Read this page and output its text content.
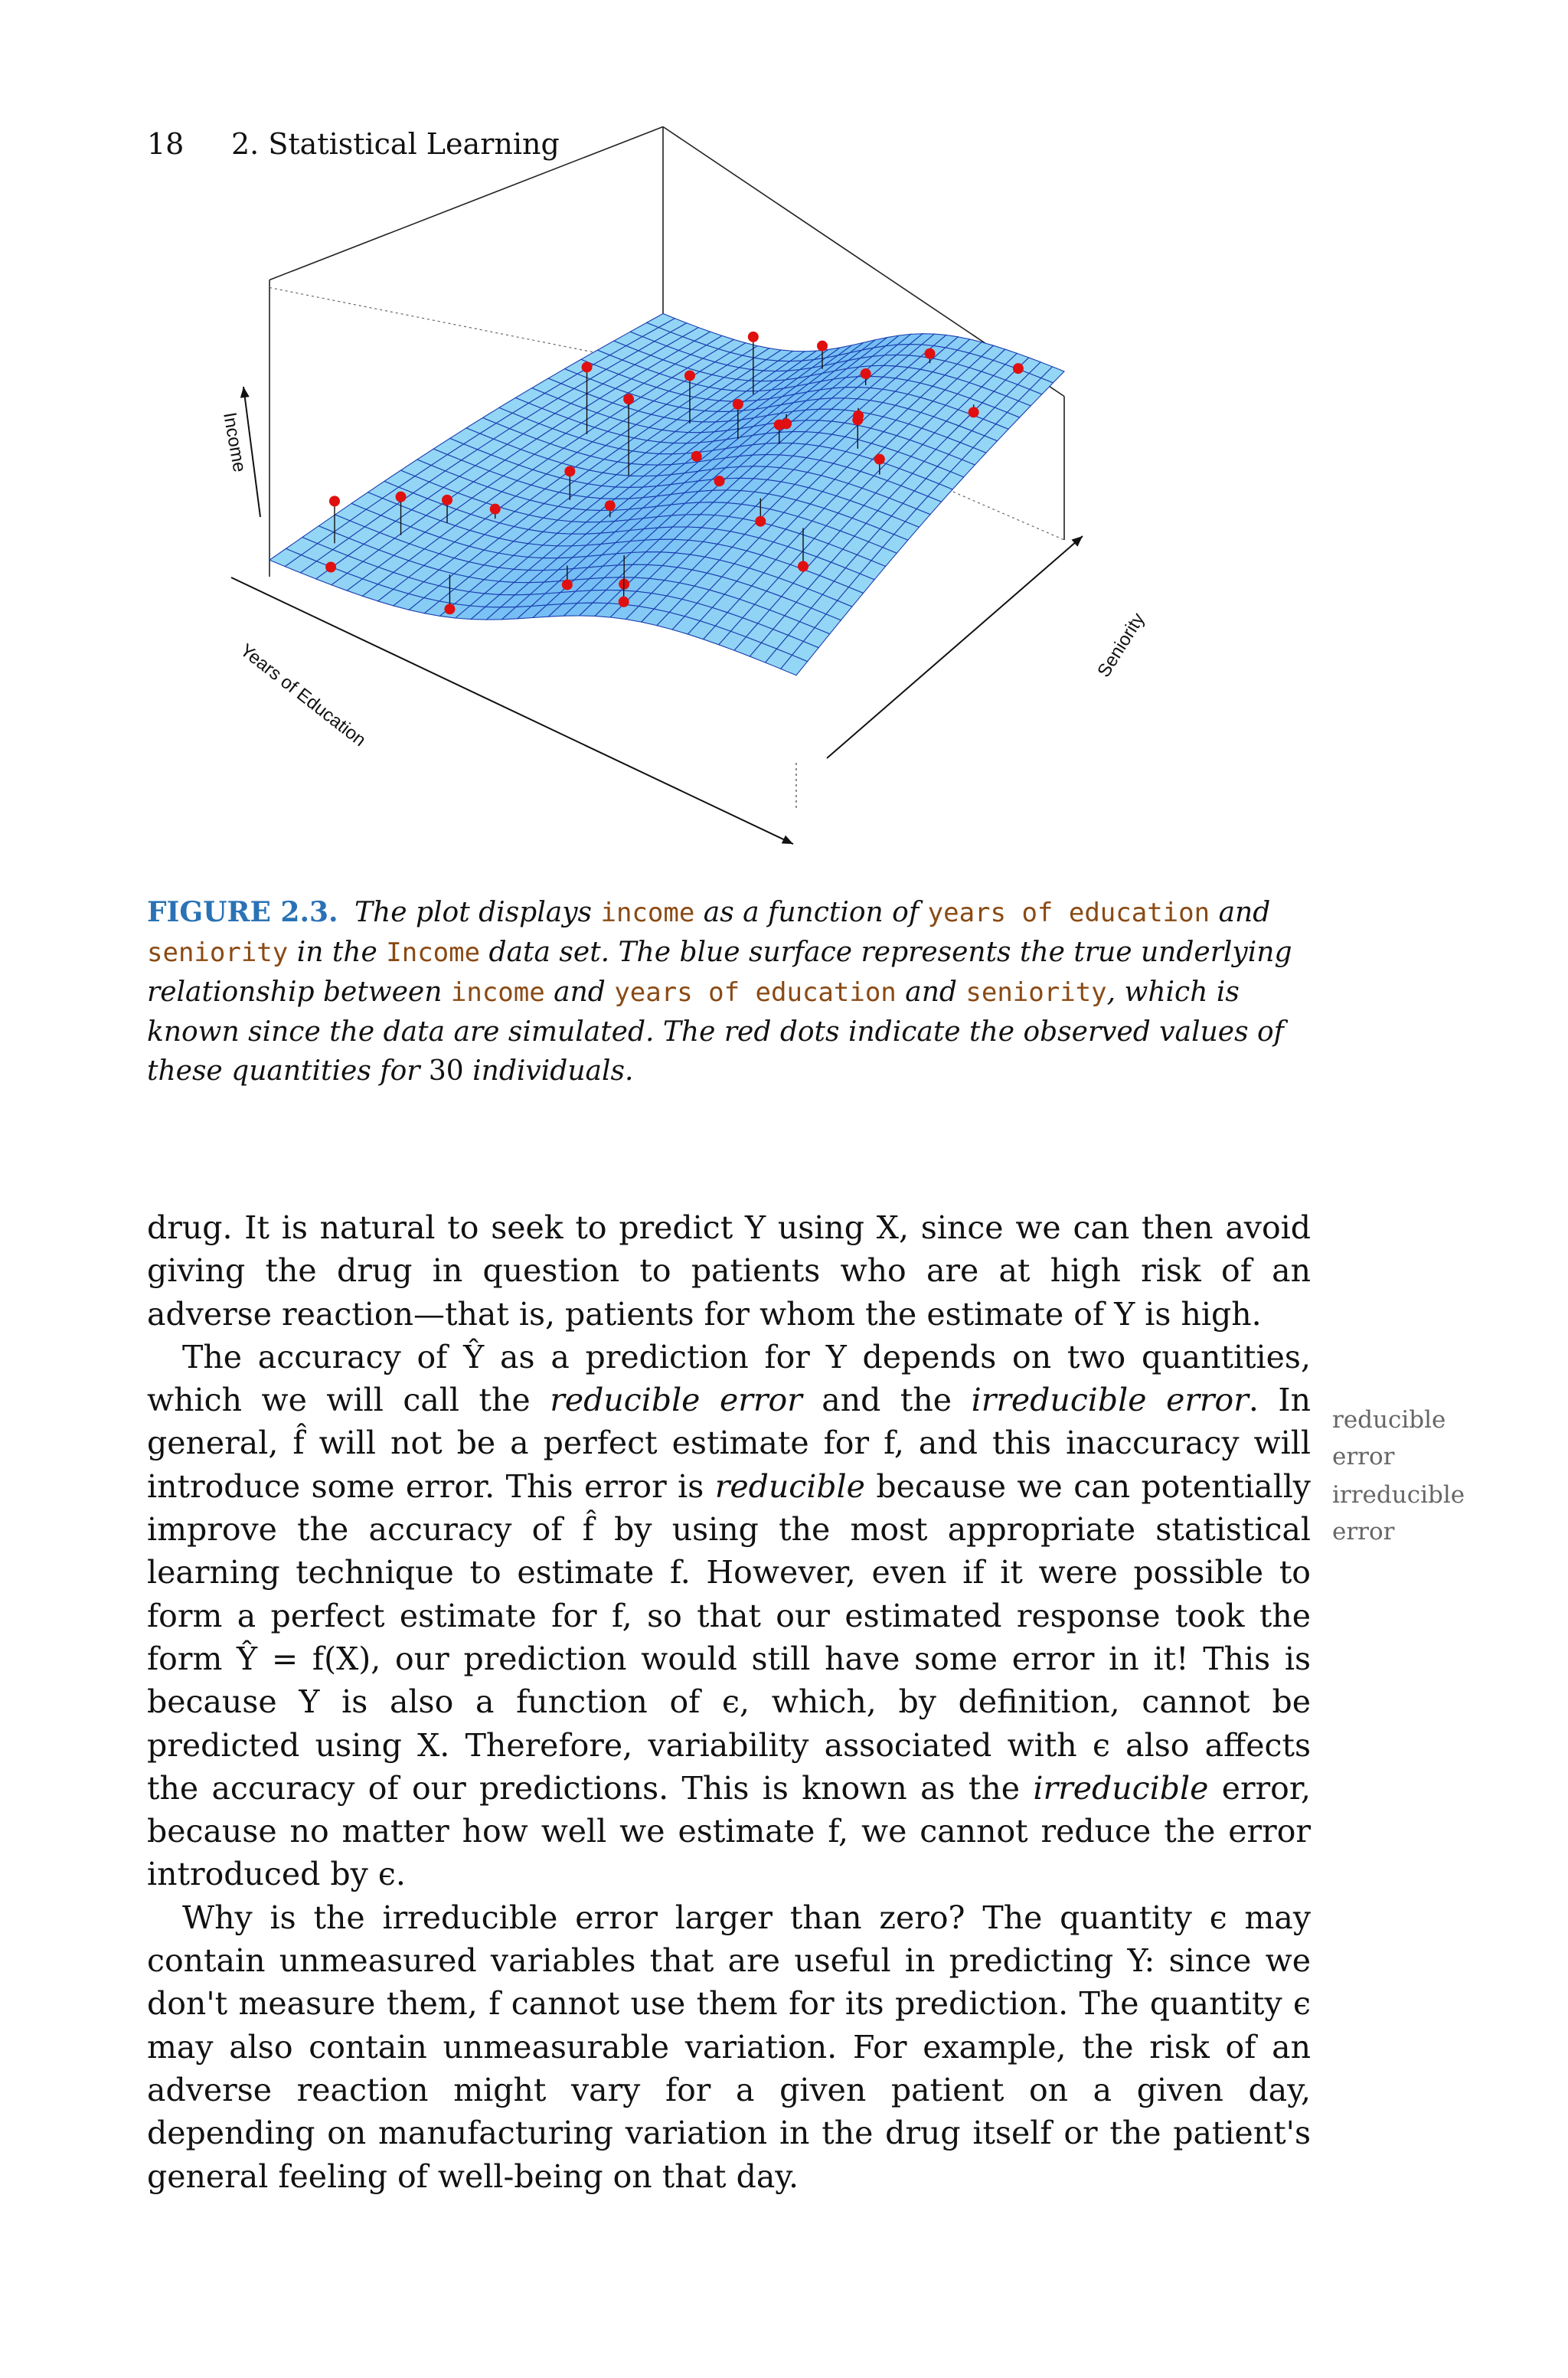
18 2. Statistical Learning
Income
Years of Education	Seniority
FIGURE 2.3. The plot displays income as a function of years of education and seniority in the Income data set. The blue surface represents the true underlying relationship between income and years of education and seniority, which is known since the data are simulated. The red dots indicate the observed values of these quantities for 30 individuals.

drug. It is natural to seek to predict Y using X, since we can then avoid giving the drug in question to patients who are at high risk of an adverse reaction—that is, patients for whom the estimate of Y is high.

The accuracy of Ŷ as a prediction for Y depends on two quantities, which we will call the reducible error and the irreducible error. In general, f̂ will not be a perfect estimate for f, and this inaccuracy will introduce some error. This error is reducible because we can potentially improve the accuracy of f̂ by using the most appropriate statistical learning technique to estimate f. However, even if it were possible to form a perfect estimate for f, so that our estimated response took the form Ŷ = f(X), our prediction would still have some error in it! This is because Y is also a function of ϵ, which, by definition, cannot be predicted using X. Therefore, variability associated with ϵ also affects the accuracy of our predictions. This is known as the irreducible error, because no matter how well we estimate f, we cannot reduce the error introduced by ϵ.

Why is the irreducible error larger than zero? The quantity ϵ may contain unmeasured variables that are useful in predicting Y: since we don't measure them, f cannot use them for its prediction. The quantity ϵ may also contain unmeasurable variation. For example, the risk of an adverse reaction might vary for a given patient on a given day, depending on manufacturing variation in the drug itself or the patient's general feeling of well-being on that day.

reducible error
irreducible error
